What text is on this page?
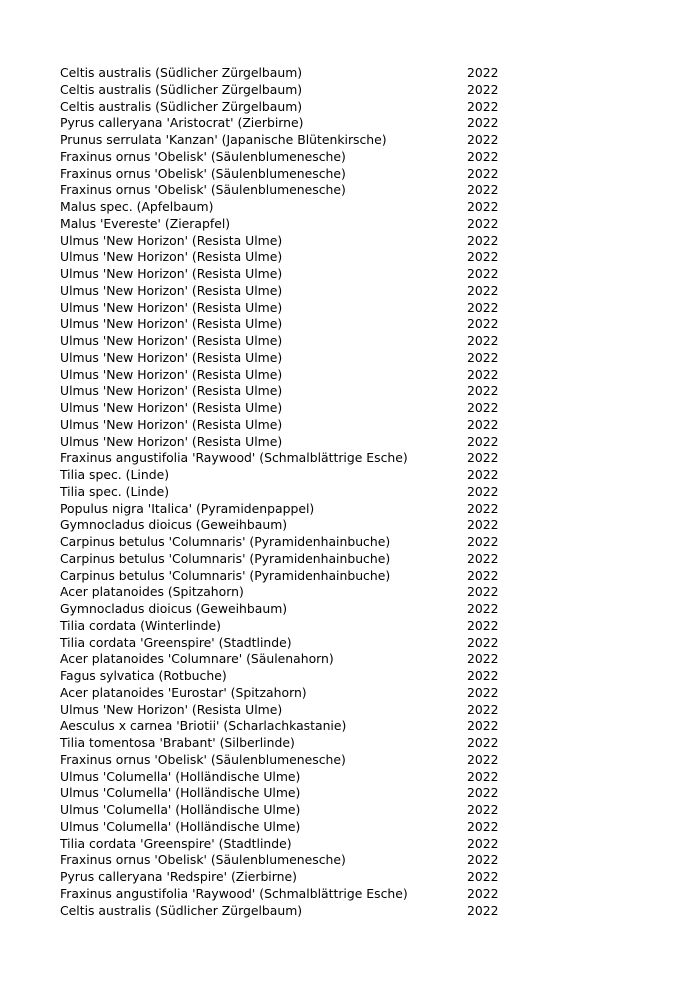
Celtis australis (Südlicher Zürgelbaum)	2022
Celtis australis (Südlicher Zürgelbaum)	2022
Celtis australis (Südlicher Zürgelbaum)	2022
Pyrus calleryana 'Aristocrat' (Zierbirne)	2022
Prunus serrulata 'Kanzan' (Japanische Blütenkirsche)	2022
Fraxinus ornus 'Obelisk' (Säulenblumenesche)	2022
Fraxinus ornus 'Obelisk' (Säulenblumenesche)	2022
Fraxinus ornus 'Obelisk' (Säulenblumenesche)	2022
Malus spec. (Apfelbaum)	2022
Malus 'Evereste' (Zierapfel)	2022
Ulmus 'New Horizon' (Resista Ulme)	2022
Ulmus 'New Horizon' (Resista Ulme)	2022
Ulmus 'New Horizon' (Resista Ulme)	2022
Ulmus 'New Horizon' (Resista Ulme)	2022
Ulmus 'New Horizon' (Resista Ulme)	2022
Ulmus 'New Horizon' (Resista Ulme)	2022
Ulmus 'New Horizon' (Resista Ulme)	2022
Ulmus 'New Horizon' (Resista Ulme)	2022
Ulmus 'New Horizon' (Resista Ulme)	2022
Ulmus 'New Horizon' (Resista Ulme)	2022
Ulmus 'New Horizon' (Resista Ulme)	2022
Ulmus 'New Horizon' (Resista Ulme)	2022
Ulmus 'New Horizon' (Resista Ulme)	2022
Fraxinus angustifolia 'Raywood' (Schmalblättrige Esche)	2022
Tilia spec. (Linde)	2022
Tilia spec. (Linde)	2022
Populus nigra 'Italica' (Pyramidenpappel)	2022
Gymnocladus dioicus (Geweihbaum)	2022
Carpinus betulus 'Columnaris' (Pyramidenhainbuche)	2022
Carpinus betulus 'Columnaris' (Pyramidenhainbuche)	2022
Carpinus betulus 'Columnaris' (Pyramidenhainbuche)	2022
Acer platanoides (Spitzahorn)	2022
Gymnocladus dioicus (Geweihbaum)	2022
Tilia cordata (Winterlinde)	2022
Tilia cordata 'Greenspire' (Stadtlinde)	2022
Acer platanoides 'Columnare' (Säulenahorn)	2022
Fagus sylvatica (Rotbuche)	2022
Acer platanoides 'Eurostar' (Spitzahorn)	2022
Ulmus 'New Horizon' (Resista Ulme)	2022
Aesculus x carnea 'Briotii' (Scharlachkastanie)	2022
Tilia tomentosa 'Brabant' (Silberlinde)	2022
Fraxinus ornus 'Obelisk' (Säulenblumenesche)	2022
Ulmus 'Columella' (Holländische Ulme)	2022
Ulmus 'Columella' (Holländische Ulme)	2022
Ulmus 'Columella' (Holländische Ulme)	2022
Ulmus 'Columella' (Holländische Ulme)	2022
Tilia cordata 'Greenspire' (Stadtlinde)	2022
Fraxinus ornus 'Obelisk' (Säulenblumenesche)	2022
Pyrus calleryana 'Redspire' (Zierbirne)	2022
Fraxinus angustifolia 'Raywood' (Schmalblättrige Esche)	2022
Celtis australis (Südlicher Zürgelbaum)	2022
